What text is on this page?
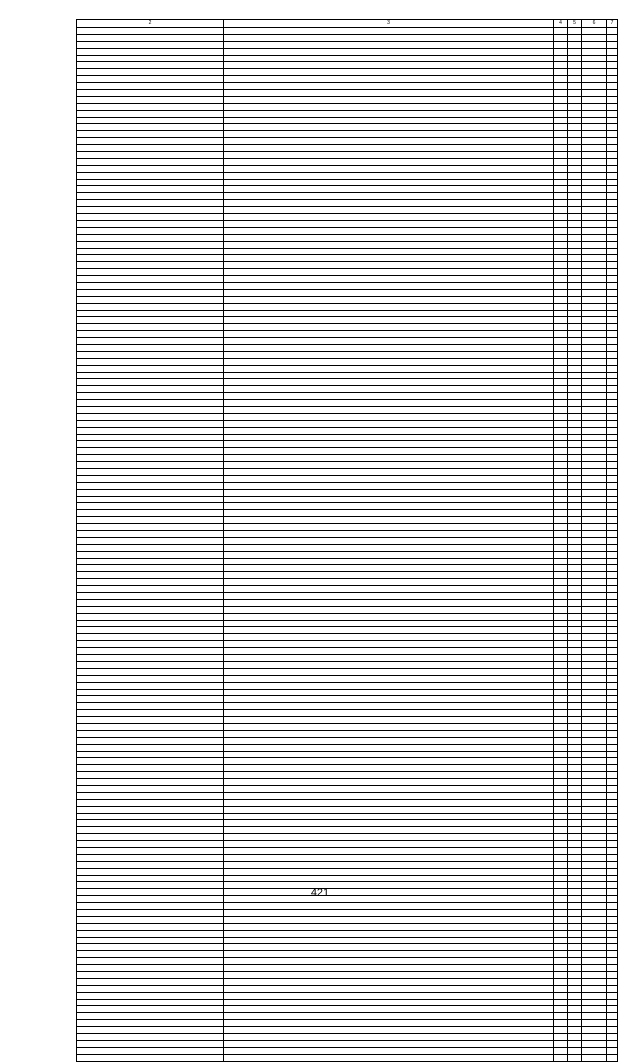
	2	3	4	5	6	7

421
